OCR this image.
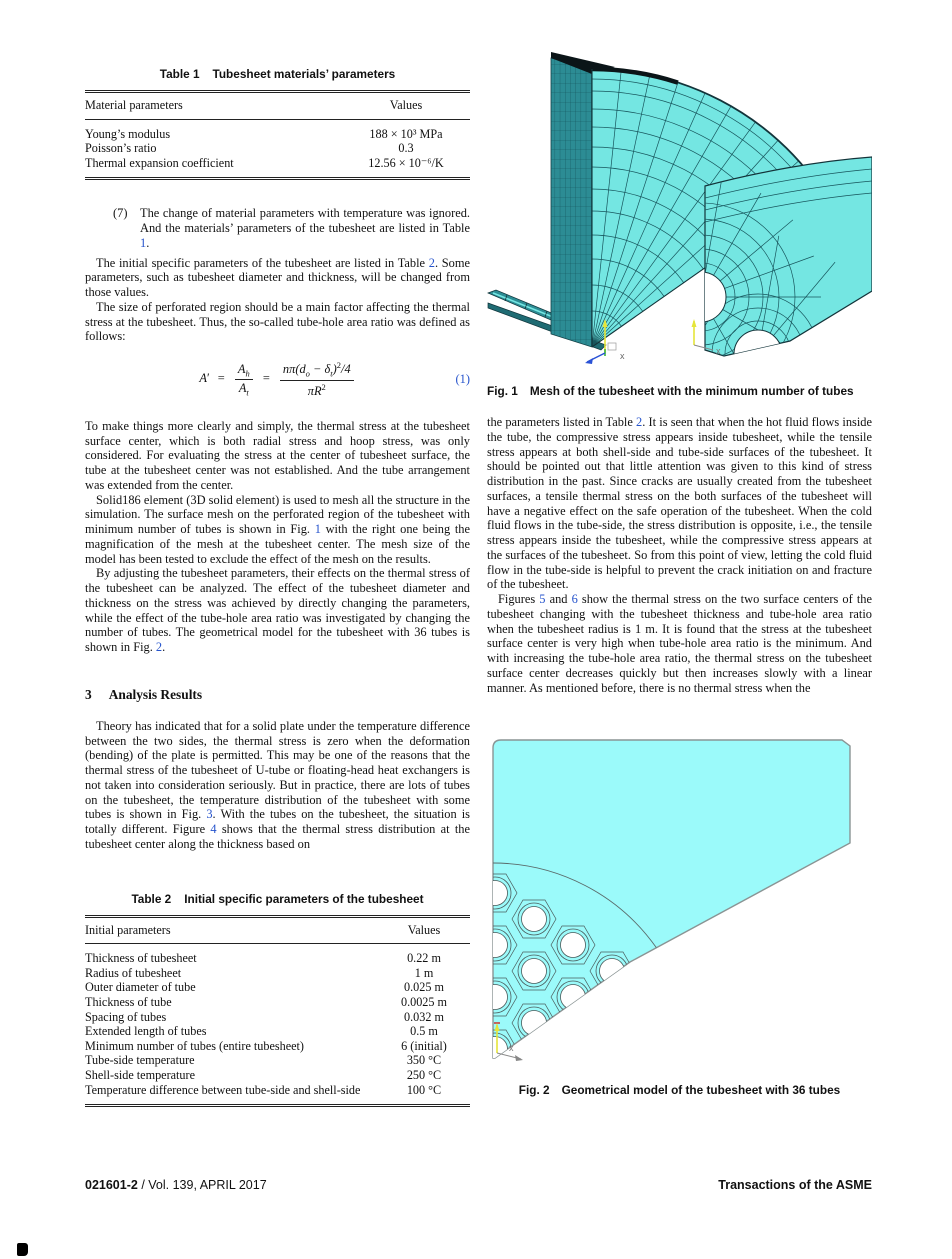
Table 1 Tubesheet materials’ parameters
Material parameters	Values
Young’s modulus	188 × 10³ MPa
Poisson’s ratio	0.3
Thermal expansion coefficient	12.56 × 10⁻⁶/K
(7)	The change of material parameters with temperature was ignored. And the materials’ parameters of the tubesheet are listed in Table 1.

The initial specific parameters of the tubesheet are listed in Table 2. Some parameters, such as tubesheet diameter and thickness, will be changed from those values.

The size of perforated region should be a main factor affecting the thermal stress at the tubesheet. Thus, the so-called tube-hole area ratio was defined as follows:

$A' = \frac{A_h}{A_t} = \frac{n\pi(d_o - \delta_t)^2/4}{\pi R^2}$	(1)

To make things more clearly and simply, the thermal stress at the tubesheet surface center, which is both radial stress and hoop stress, was only considered. For evaluating the stress at the center of tubesheet surface, the tube at the tubesheet center was not established. And the tube arrangement was extended from the center.

Solid186 element (3D solid element) is used to mesh all the structure in the simulation. The surface mesh on the perforated region of the tubesheet with minimum number of tubes is shown in Fig. 1 with the right one being the magnification of the mesh at the tubesheet center. The mesh size of the model has been tested to exclude the effect of the mesh on the results.

By adjusting the tubesheet parameters, their effects on the thermal stress of the tubesheet can be analyzed. The effect of the tubesheet diameter and thickness on the stress was achieved by directly changing the parameters, while the effect of the tube-hole area ratio was investigated by changing the number of tubes. The geometrical model for the tubesheet with 36 tubes is shown in Fig. 2.

3 Analysis Results

Theory has indicated that for a solid plate under the temperature difference between the two sides, the thermal stress is zero when the deformation (bending) of the plate is permitted. This may be one of the reasons that the thermal stress of the tubesheet of U-tube or floating-head heat exchangers is not taken into consideration seriously. But in practice, there are lots of tubes on the tubesheet, the temperature distribution of the tubesheet with some tubes is shown in Fig. 3. With the tubes on the tubesheet, the situation is totally different. Figure 4 shows that the thermal stress distribution at the tubesheet center along the thickness based on

Table 2 Initial specific parameters of the tubesheet
Initial parameters	Values
Thickness of tubesheet	0.22 m
Radius of tubesheet	1 m
Outer diameter of tube	0.025 m
Thickness of tube	0.0025 m
Spacing of tubes	0.032 m
Extended length of tubes	0.5 m
Minimum number of tubes (entire tubesheet)	6 (initial)
Tube-side temperature	350 °C
Shell-side temperature	250 °C
Temperature difference between tube-side and shell-side	100 °C
x	x
Fig. 1 Mesh of the tubesheet with the minimum number of tubes

the parameters listed in Table 2. It is seen that when the hot fluid flows inside the tube, the compressive stress appears inside tubesheet, while the tensile stress appears at both shell-side and tube-side surfaces of the tubesheet. It should be pointed out that little attention was given to this kind of stress distribution in the past. Since cracks are usually created from the tubesheet surfaces, a tensile thermal stress on the both surfaces of the tubesheet will have a negative effect on the safe operation of the tubesheet. When the cold fluid flows in the tube-side, the stress distribution is opposite, i.e., the tensile stress appears inside the tubesheet, while the compressive stress appears at the surfaces of the tubesheet. So from this point of view, letting the cold fluid flow in the tube-side is helpful to prevent the crack initiation on and fracture of the tubesheet.

Figures 5 and 6 show the thermal stress on the two surface centers of the tubesheet changing with the tubesheet thickness and tube-hole area ratio when the tubesheet radius is 1 m. It is found that the stress at the tubesheet surface center is very high when tube-hole area ratio is the minimum. And with increasing the tube-hole area ratio, the thermal stress on the tubesheet surface center decreases quickly but then increases slowly with a linear manner. As mentioned before, there is no thermal stress when the

x
Fig. 2 Geometrical model of the tubesheet with 36 tubes
021601-2 / Vol. 139, APRIL 2017	Transactions of the ASME
